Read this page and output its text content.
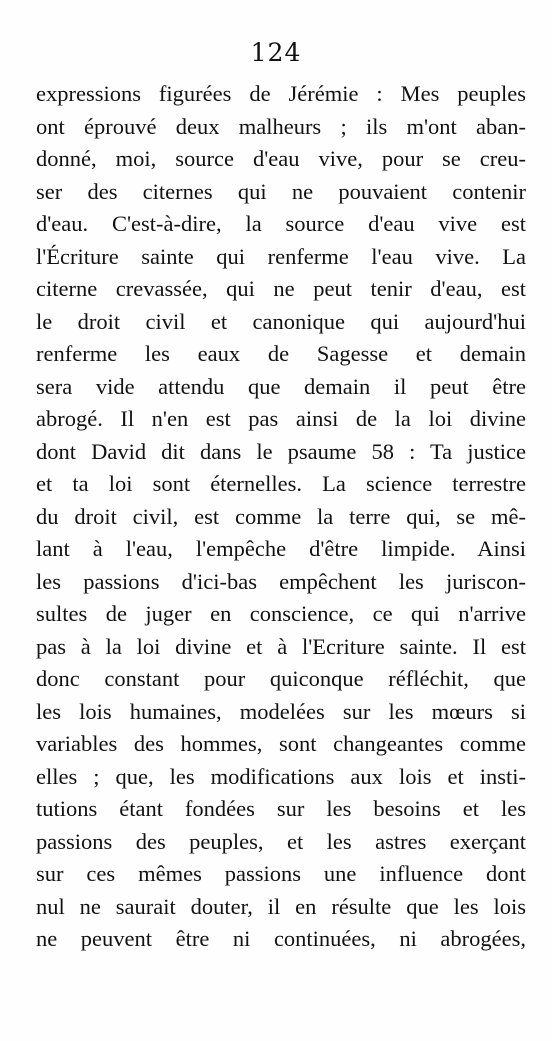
124
expressions figurées de Jérémie : Mes peuples
ont éprouvé deux malheurs ; ils m'ont aban-
donné, moi, source d'eau vive, pour se creu-
ser des citernes qui ne pouvaient contenir
d'eau. C'est-à-dire, la source d'eau vive est
l'Écriture sainte qui renferme l'eau vive. La
citerne crevassée, qui ne peut tenir d'eau, est
le droit civil et canonique qui aujourd'hui
renferme les eaux de Sagesse et demain
sera vide attendu que demain il peut être
abrogé. Il n'en est pas ainsi de la loi divine
dont David dit dans le psaume 58 : Ta justice
et ta loi sont éternelles. La science terrestre
du droit civil, est comme la terre qui, se mê-
lant à l'eau, l'empêche d'être limpide. Ainsi
les passions d'ici-bas empêchent les juriscon-
sultes de juger en conscience, ce qui n'arrive
pas à la loi divine et à l'Ecriture sainte. Il est
donc constant pour quiconque réfléchit, que
les lois humaines, modelées sur les mœurs si
variables des hommes, sont changeantes comme
elles ; que, les modifications aux lois et insti-
tutions étant fondées sur les besoins et les
passions des peuples, et les astres exerçant
sur ces mêmes passions une influence dont
nul ne saurait douter, il en résulte que les lois
ne peuvent être ni continuées, ni abrogées,
